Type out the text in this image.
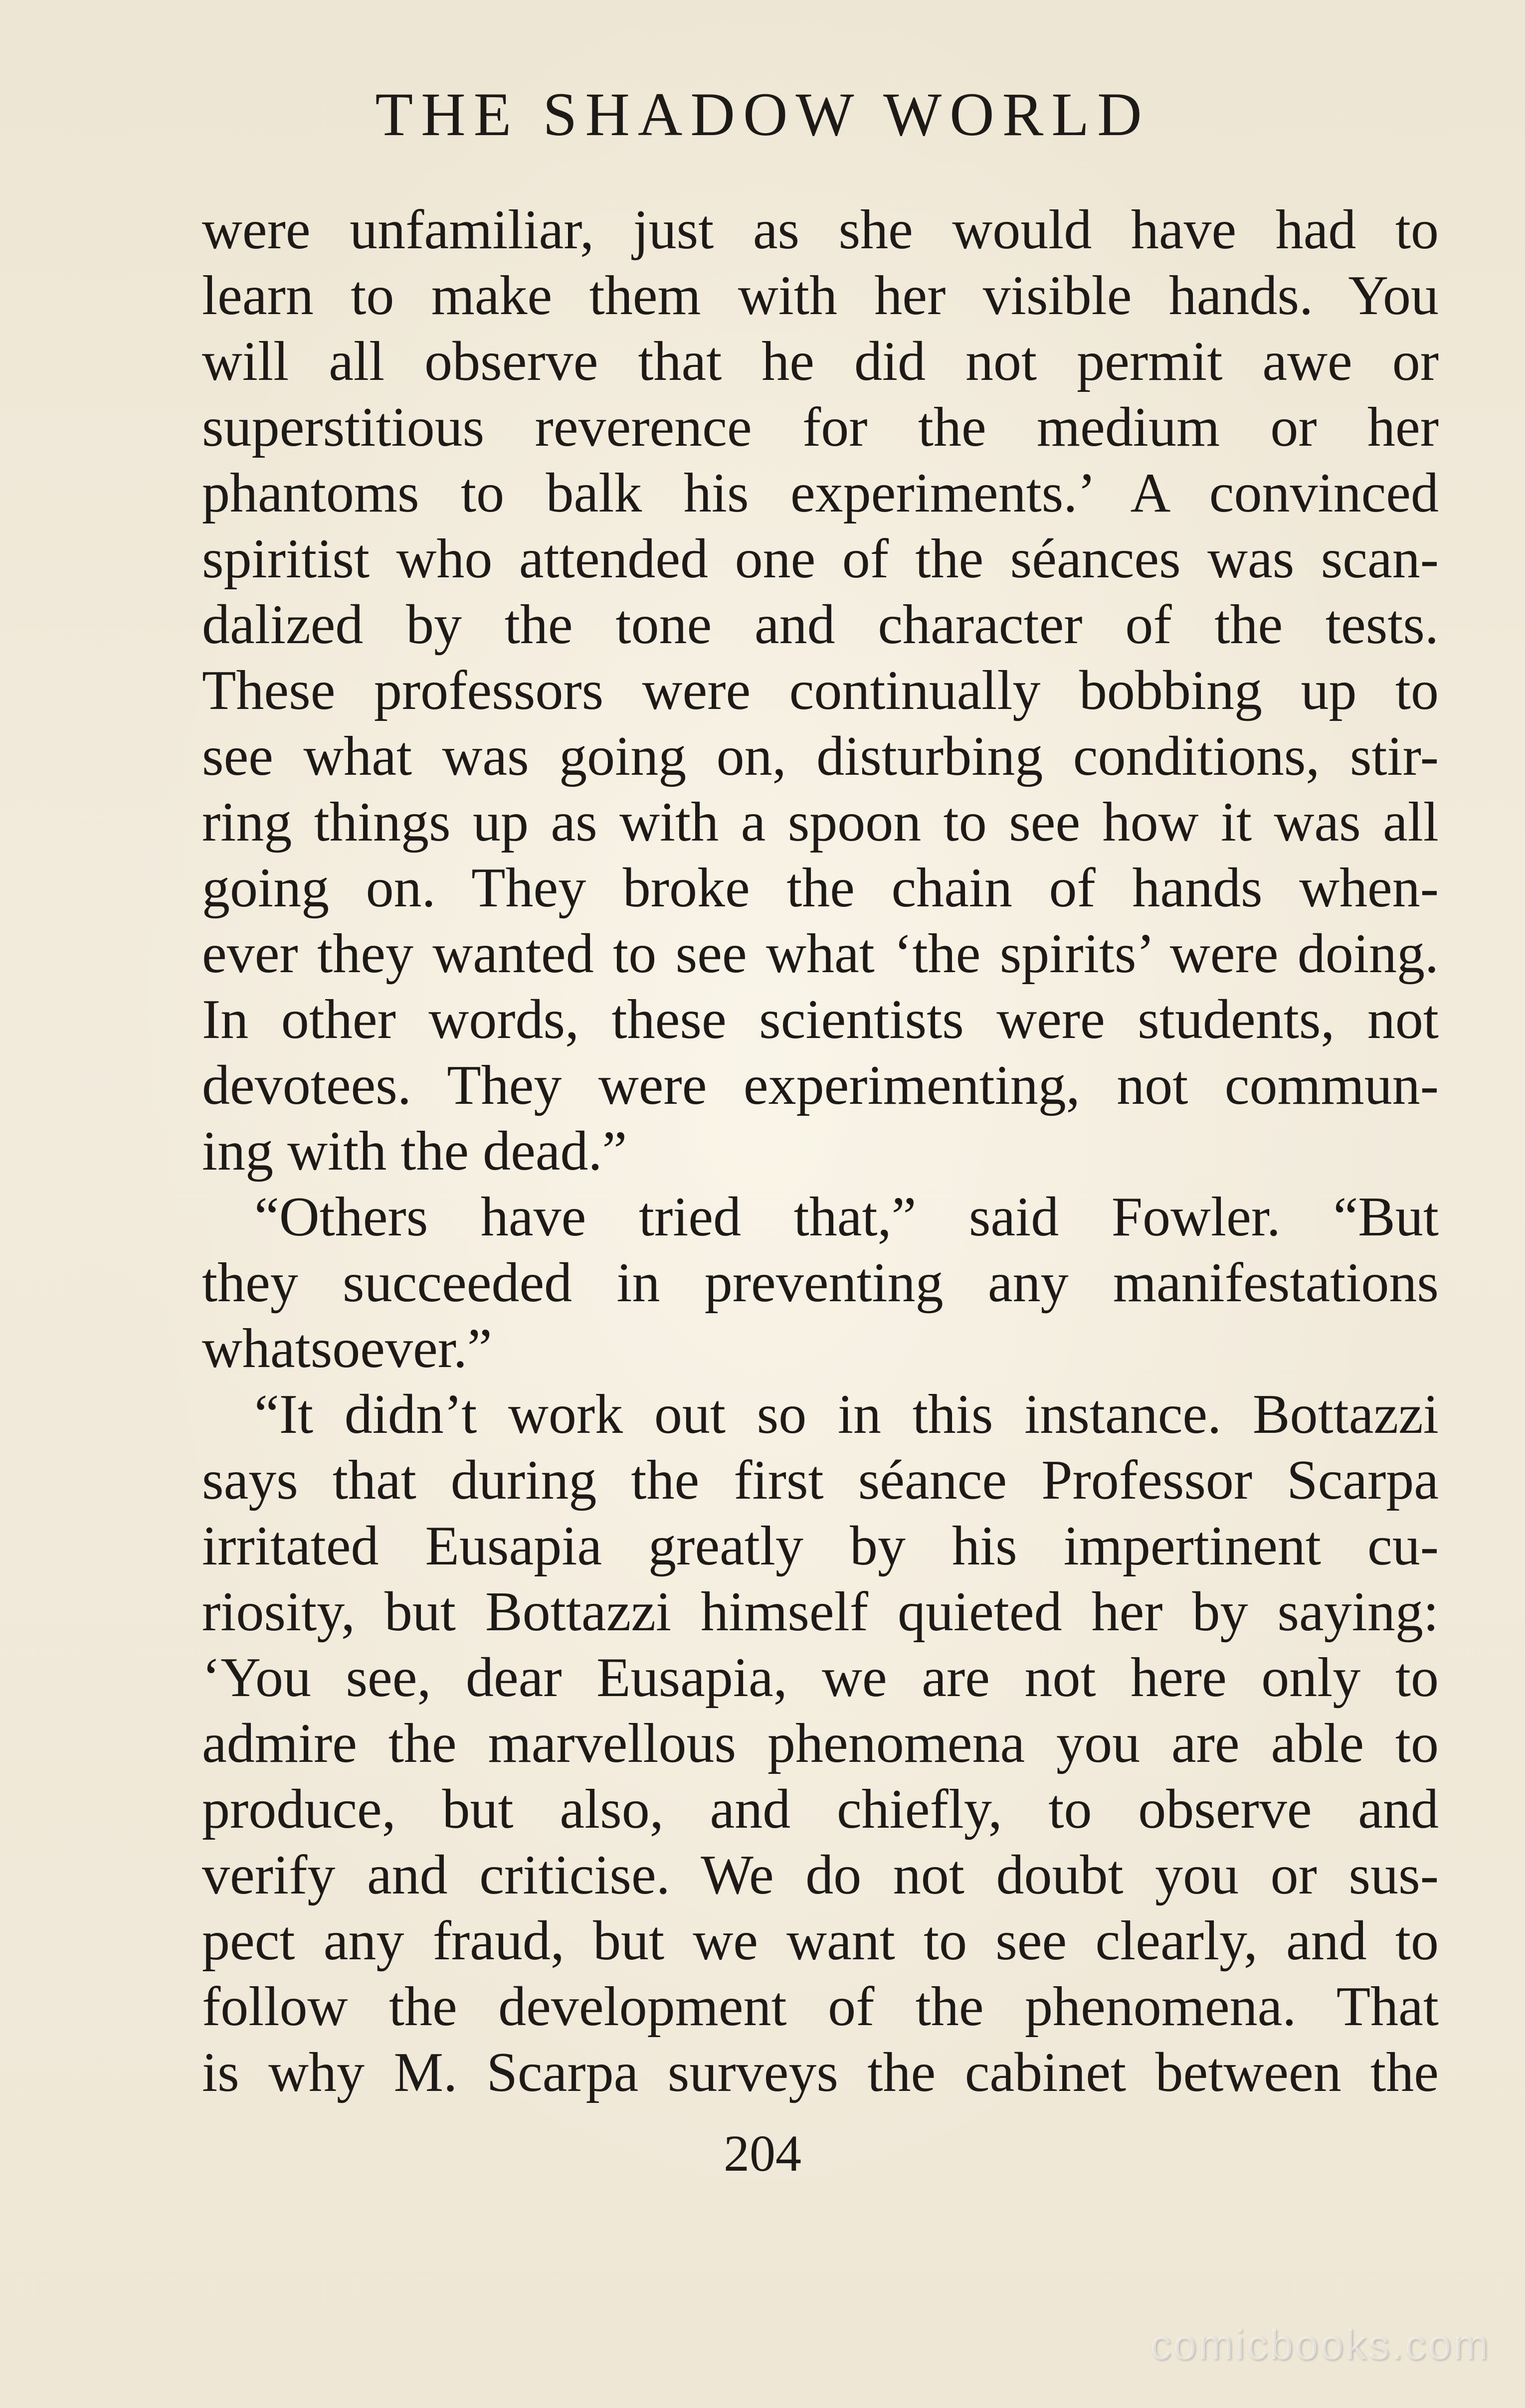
THE SHADOW WORLD
were unfamiliar, just as she would have had to
learn to make them with her visible hands. You
will all observe that he did not permit awe or
superstitious reverence for the medium or her
phantoms to balk his experiments.’ A convinced
spiritist who attended one of the séances was scan-
dalized by the tone and character of the tests.
These professors were continually bobbing up to
see what was going on, disturbing conditions, stir-
ring things up as with a spoon to see how it was all
going on. They broke the chain of hands when-
ever they wanted to see what ‘the spirits’ were doing.
In other words, these scientists were students, not
devotees. They were experimenting, not commun-
ing with the dead.”
“Others have tried that,” said Fowler. “But
they succeeded in preventing any manifestations
whatsoever.”
“It didn’t work out so in this instance. Bottazzi
says that during the first séance Professor Scarpa
irritated Eusapia greatly by his impertinent cu-
riosity, but Bottazzi himself quieted her by saying:
‘You see, dear Eusapia, we are not here only to
admire the marvellous phenomena you are able to
produce, but also, and chiefly, to observe and
verify and criticise. We do not doubt you or sus-
pect any fraud, but we want to see clearly, and to
follow the development of the phenomena. That
is why M. Scarpa surveys the cabinet between the
204
comicbooks.com
